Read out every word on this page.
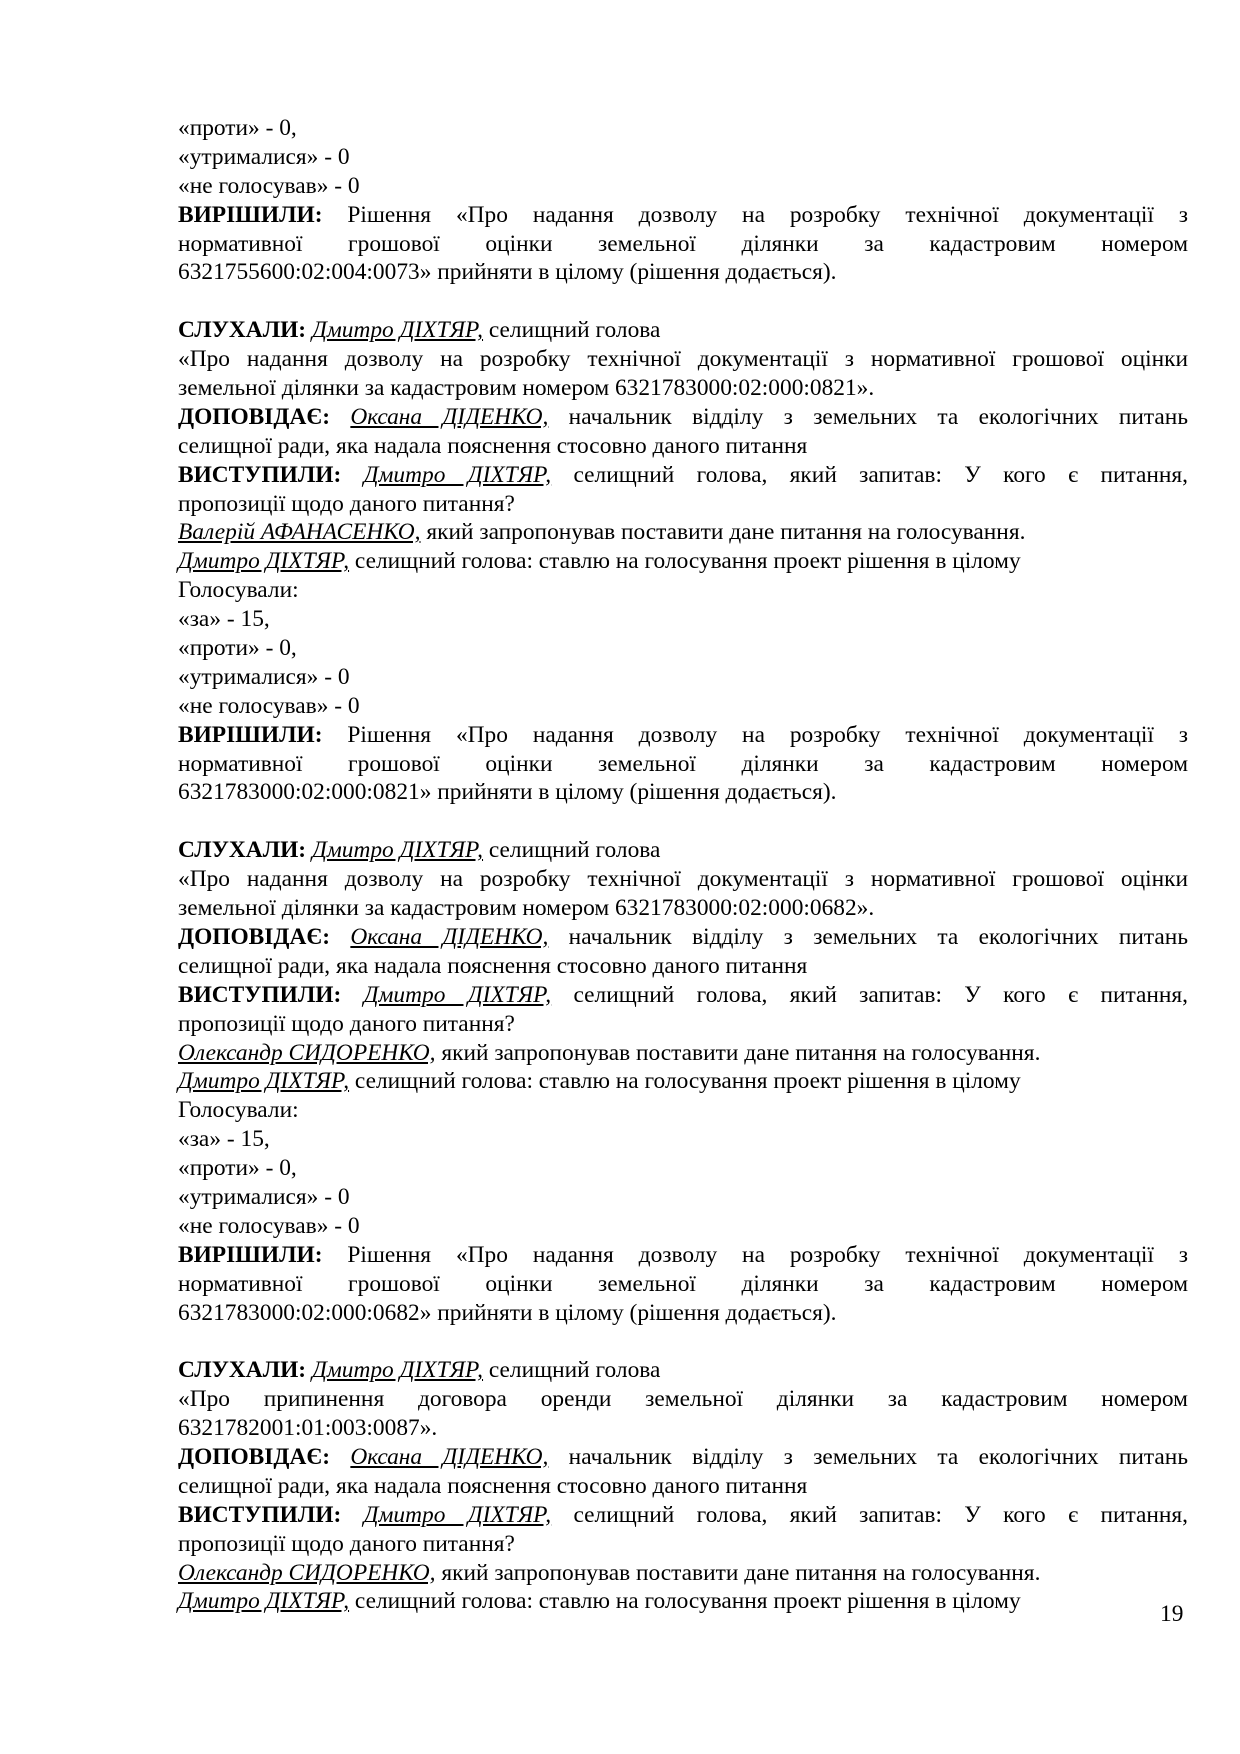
«проти» - 0,
«утрималися» - 0
«не голосував» - 0
ВИРІШИЛИ: Рішення «Про надання дозволу на розробку технічної документації з
нормативної грошової оцінки земельної ділянки за кадастровим номером
6321755600:02:004:0073» прийняти в цілому (рішення додається).
СЛУХАЛИ: Дмитро ДІХТЯР, селищний голова
«Про надання дозволу на розробку технічної документації з нормативної грошової оцінки
земельної ділянки за кадастровим номером 6321783000:02:000:0821».
ДОПОВІДАЄ: Оксана ДІДЕНКО, начальник відділу з земельних та екологічних питань
селищної ради, яка надала пояснення стосовно даного питання
ВИСТУПИЛИ: Дмитро ДІХТЯР, селищний голова, який запитав: У кого є питання,
пропозиції щодо даного питання?
Валерій АФАНАСЕНКО, який запропонував поставити дане питання на голосування.
Дмитро ДІХТЯР, селищний голова: ставлю на голосування проект рішення в цілому
Голосували:
«за» - 15,
«проти» - 0,
«утрималися» - 0
«не голосував» - 0
ВИРІШИЛИ: Рішення «Про надання дозволу на розробку технічної документації з
нормативної грошової оцінки земельної ділянки за кадастровим номером
6321783000:02:000:0821» прийняти в цілому (рішення додається).
СЛУХАЛИ: Дмитро ДІХТЯР, селищний голова
«Про надання дозволу на розробку технічної документації з нормативної грошової оцінки
земельної ділянки за кадастровим номером 6321783000:02:000:0682».
ДОПОВІДАЄ: Оксана ДІДЕНКО, начальник відділу з земельних та екологічних питань
селищної ради, яка надала пояснення стосовно даного питання
ВИСТУПИЛИ: Дмитро ДІХТЯР, селищний голова, який запитав: У кого є питання,
пропозиції щодо даного питання?
Олександр СИДОРЕНКО, який запропонував поставити дане питання на голосування.
Дмитро ДІХТЯР, селищний голова: ставлю на голосування проект рішення в цілому
Голосували:
«за» - 15,
«проти» - 0,
«утрималися» - 0
«не голосував» - 0
ВИРІШИЛИ: Рішення «Про надання дозволу на розробку технічної документації з
нормативної грошової оцінки земельної ділянки за кадастровим номером
6321783000:02:000:0682» прийняти в цілому (рішення додається).
СЛУХАЛИ: Дмитро ДІХТЯР, селищний голова
«Про припинення договора оренди земельної ділянки за кадастровим номером
6321782001:01:003:0087».
ДОПОВІДАЄ: Оксана ДІДЕНКО, начальник відділу з земельних та екологічних питань
селищної ради, яка надала пояснення стосовно даного питання
ВИСТУПИЛИ: Дмитро ДІХТЯР, селищний голова, який запитав: У кого є питання,
пропозиції щодо даного питання?
Олександр СИДОРЕНКО, який запропонував поставити дане питання на голосування.
Дмитро ДІХТЯР, селищний голова: ставлю на голосування проект рішення в цілому	19
